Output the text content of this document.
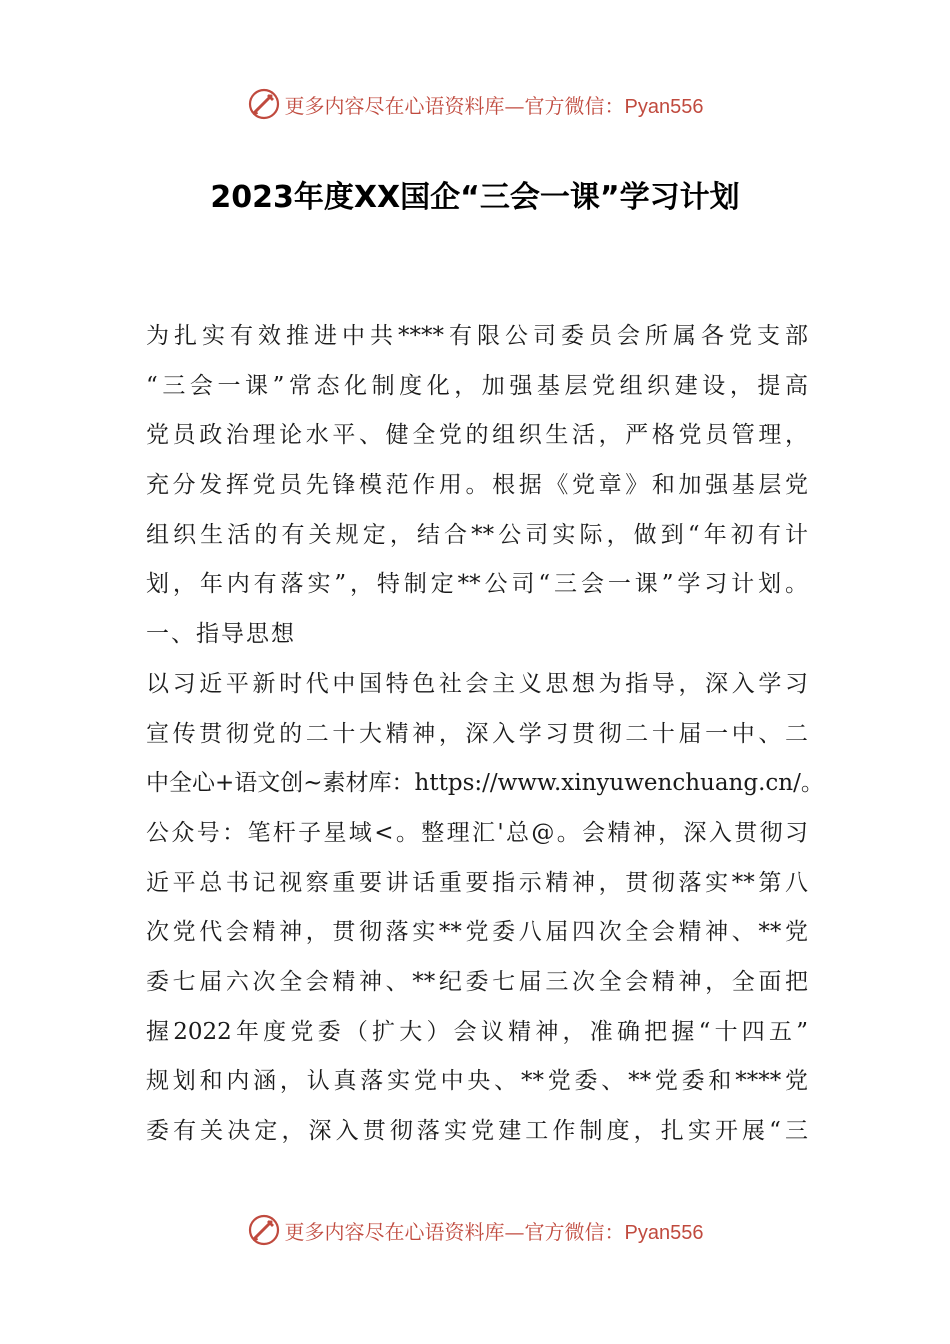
更多内容尽在心语资料库—官方微信：Pyan556
2023年度XX国企“三会一课”学习计划
为扎实有效推进中共****有限公司委员会所属各党支部
“三会一课”常态化制度化，加强基层党组织建设，提高
党员政治理论水平、健全党的组织生活，严格党员管理，
充分发挥党员先锋模范作用。根据《党章》和加强基层党
组织生活的有关规定，结合**公司实际，做到“年初有计
划，年内有落实”，特制定**公司“三会一课”学习计划。
一、指导思想
以习近平新时代中国特色社会主义思想为指导，深入学习
宣传贯彻党的二十大精神，深入学习贯彻二十届一中、二
中全心+语文创~素材库：https://www.xinyuwenchuang.cn/。
公众号：笔杆子星域<。整理汇'总@。会精神，深入贯彻习
近平总书记视察重要讲话重要指示精神，贯彻落实**第八
次党代会精神，贯彻落实**党委八届四次全会精神、**党
委七届六次全会精神、**纪委七届三次全会精神，全面把
握2022年度党委（扩大）会议精神，准确把握“十四五”
规划和内涵，认真落实党中央、**党委、**党委和****党
委有关决定，深入贯彻落实党建工作制度，扎实开展“三
更多内容尽在心语资料库—官方微信：Pyan556
